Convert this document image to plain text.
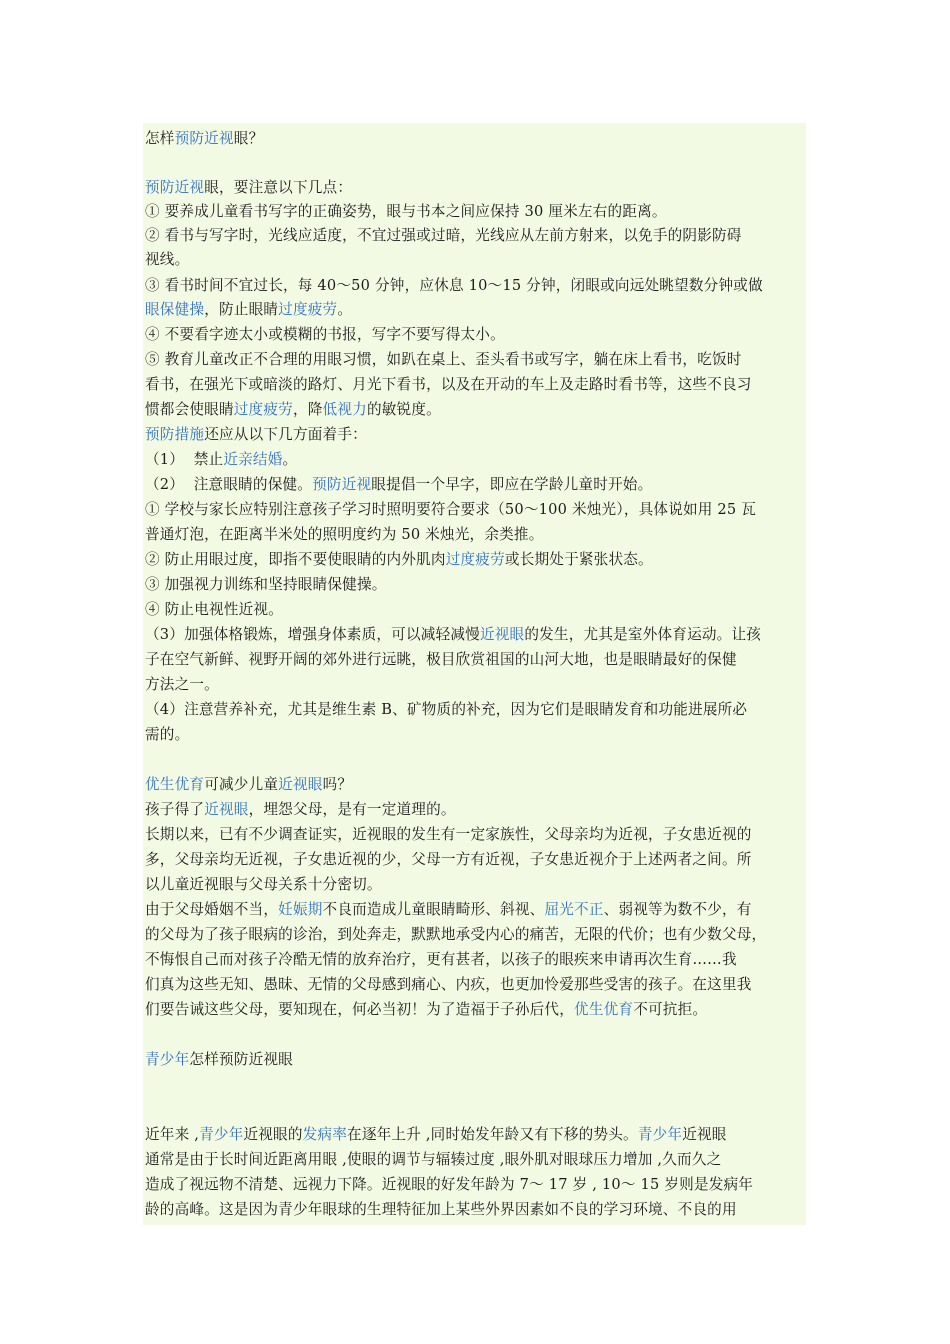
怎样预防近视眼？
预防近视眼，要注意以下几点：
① 要养成儿童看书写字的正确姿势，眼与书本之间应保持 30 厘米左右的距离。
② 看书与写字时，光线应适度，不宜过强或过暗，光线应从左前方射来，以免手的阴影防碍
视线。
③ 看书时间不宜过长，每 40～50 分钟，应休息 10～15 分钟，闭眼或向远处眺望数分钟或做
眼保健操，防止眼睛过度疲劳。
④ 不要看字迹太小或模糊的书报，写字不要写得太小。
⑤ 教育儿童改正不合理的用眼习惯，如趴在桌上、歪头看书或写字，躺在床上看书，吃饭时
看书，在强光下或暗淡的路灯、月光下看书，以及在开动的车上及走路时看书等，这些不良习
惯都会使眼睛过度疲劳，降低视力的敏锐度。
预防措施还应从以下几方面着手：
（1）  禁止近亲结婚。
（2）  注意眼睛的保健。预防近视眼提倡一个早字，即应在学龄儿童时开始。
① 学校与家长应特别注意孩子学习时照明要符合要求（50～100 米烛光），具体说如用 25 瓦
普通灯泡，在距离半米处的照明度约为 50 米烛光，余类推。
② 防止用眼过度，即指不要使眼睛的内外肌肉过度疲劳或长期处于紧张状态。
③ 加强视力训练和坚持眼睛保健操。
④ 防止电视性近视。
（3）加强体格锻炼，增强身体素质，可以减轻减慢近视眼的发生，尤其是室外体育运动。让孩
子在空气新鲜、视野开阔的郊外进行远眺，极目欣赏祖国的山河大地，也是眼睛最好的保健
方法之一。
（4）注意营养补充，尤其是维生素 B、矿物质的补充，因为它们是眼睛发育和功能进展所必
需的。
优生优育可减少儿童近视眼吗？
孩子得了近视眼，埋怨父母，是有一定道理的。
长期以来，已有不少调查证实，近视眼的发生有一定家族性，父母亲均为近视，子女患近视的
多，父母亲均无近视，子女患近视的少，父母一方有近视，子女患近视介于上述两者之间。所
以儿童近视眼与父母关系十分密切。
由于父母婚姻不当，妊娠期不良而造成儿童眼睛畸形、斜视、屈光不正、弱视等为数不少，有
的父母为了孩子眼病的诊治，到处奔走，默默地承受内心的痛苦，无限的代价；也有少数父母，
不悔恨自己而对孩子冷酷无情的放弃治疗，更有甚者，以孩子的眼疾来申请再次生育……我
们真为这些无知、愚昧、无情的父母感到痛心、内疚，也更加怜爱那些受害的孩子。在这里我
们要告诫这些父母，要知现在，何必当初！为了造福于子孙后代，优生优育不可抗拒。
青少年怎样预防近视眼
近年来 ,青少年近视眼的发病率在逐年上升 ,同时始发年龄又有下移的势头。青少年近视眼
通常是由于长时间近距离用眼 ,使眼的调节与辐辏过度 ,眼外肌对眼球压力增加 ,久而久之
造成了视远物不清楚、远视力下降。近视眼的好发年龄为 7～ 17 岁 , 10～ 15 岁则是发病年
龄的高峰。这是因为青少年眼球的生理特征加上某些外界因素如不良的学习环境、不良的用
